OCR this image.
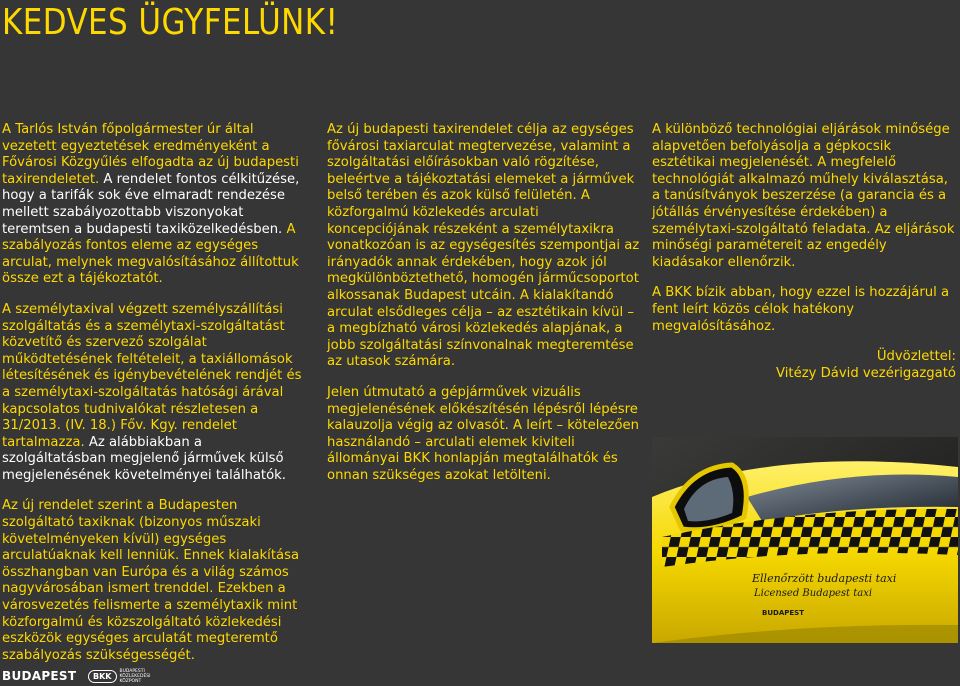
KEDVES ÜGYFELÜNK!

A Tarlós István főpolgármester úr által vezetett egyeztetések eredményeként a Fővárosi Közgyűlés elfogadta az új budapesti taxirendeletet. A rendelet fontos célkitűzése, hogy a tarifák sok éve elmaradt rendezése mellett szabályozottabb viszonyokat teremtsen a budapesti taxiközelkedésben. A szabályozás fontos eleme az egységes arculat, melynek megvalósításához állítottuk össze ezt a tájékoztatót.

A személytaxival végzett személyszállítási szolgáltatás és a személytaxi-szolgáltatást közvetítő és szervező szolgálat működtetésének feltételeit, a taxiállomások létesítésének és igénybevételének rendjét és a személytaxi-szolgáltatás hatósági árával kapcsolatos tudnivalókat részletesen a 31/2013. (IV. 18.) Főv. Kgy. rendelet tartalmazza. Az alábbiakban a szolgáltatásban megjelenő járművek külső megjelenésének követelményei találhatók.

Az új rendelet szerint a Budapesten szolgáltató taxiknak (bizonyos műszaki követelményeken kívül) egységes arculatúaknak kell lenniük. Ennek kialakítása összhangban van Európa és a világ számos nagyvárosában ismert trenddel. Ezekben a városvezetés felismerte a személytaxik mint közforgalmú és közszolgáltató közlekedési eszközök egységes arculatát megteremtő szabályozás szükségességét.

Az új budapesti taxirendelet célja az egységes fővárosi taxiarculat megtervezése, valamint a szolgáltatási előírásokban való rögzítése, beleértve a tájékoztatási elemeket a járművek belső terében és azok külső felületén. A közforgalmú közlekedés arculati koncepciójának részeként a személytaxikra vonatkozóan is az egységesítés szempontjai az irányadók annak érdekében, hogy azok jól megkülönböztethető, homogén járműcsoportot alkossanak Budapest utcáin. A kialakítandó arculat elsődleges célja – az esztétikain kívül – a megbízható városi közlekedés alapjának, a jobb szolgáltatási színvonalnak megteremtése az utasok számára.

Jelen útmutató a gépjárművek vizuális megjelenésének előkészítésén lépésről lépésre kalauzolja végig az olvasót. A leírt – kötelezően használandó – arculati elemek kiviteli állományai BKK honlapján megtalálhatók és onnan szükséges azokat letölteni.

A különböző technológiai eljárások minősége alapvetően befolyásolja a gépkocsik esztétikai megjelenését. A megfelelő technológiát alkalmazó műhely kiválasztása, a tanúsítványok beszerzése (a garancia és a jótállás érvényesítése érdekében) a személytaxi-szolgáltató feladata. Az eljárások minőségi paramétereit az engedély kiadásakor ellenőrzik.

A BKK bízik abban, hogy ezzel is hozzájárul a fent leírt közös célok hatékony megvalósításához.

Üdvözlettel:
Vitézy Dávid vezérigazgató
Ellenőrzött budapesti taxi
Licensed Budapest taxi
BUDAPEST
BUDAPEST	BKK
BUDAPESTI KÖZLEKEDÉSI KÖZPONT
